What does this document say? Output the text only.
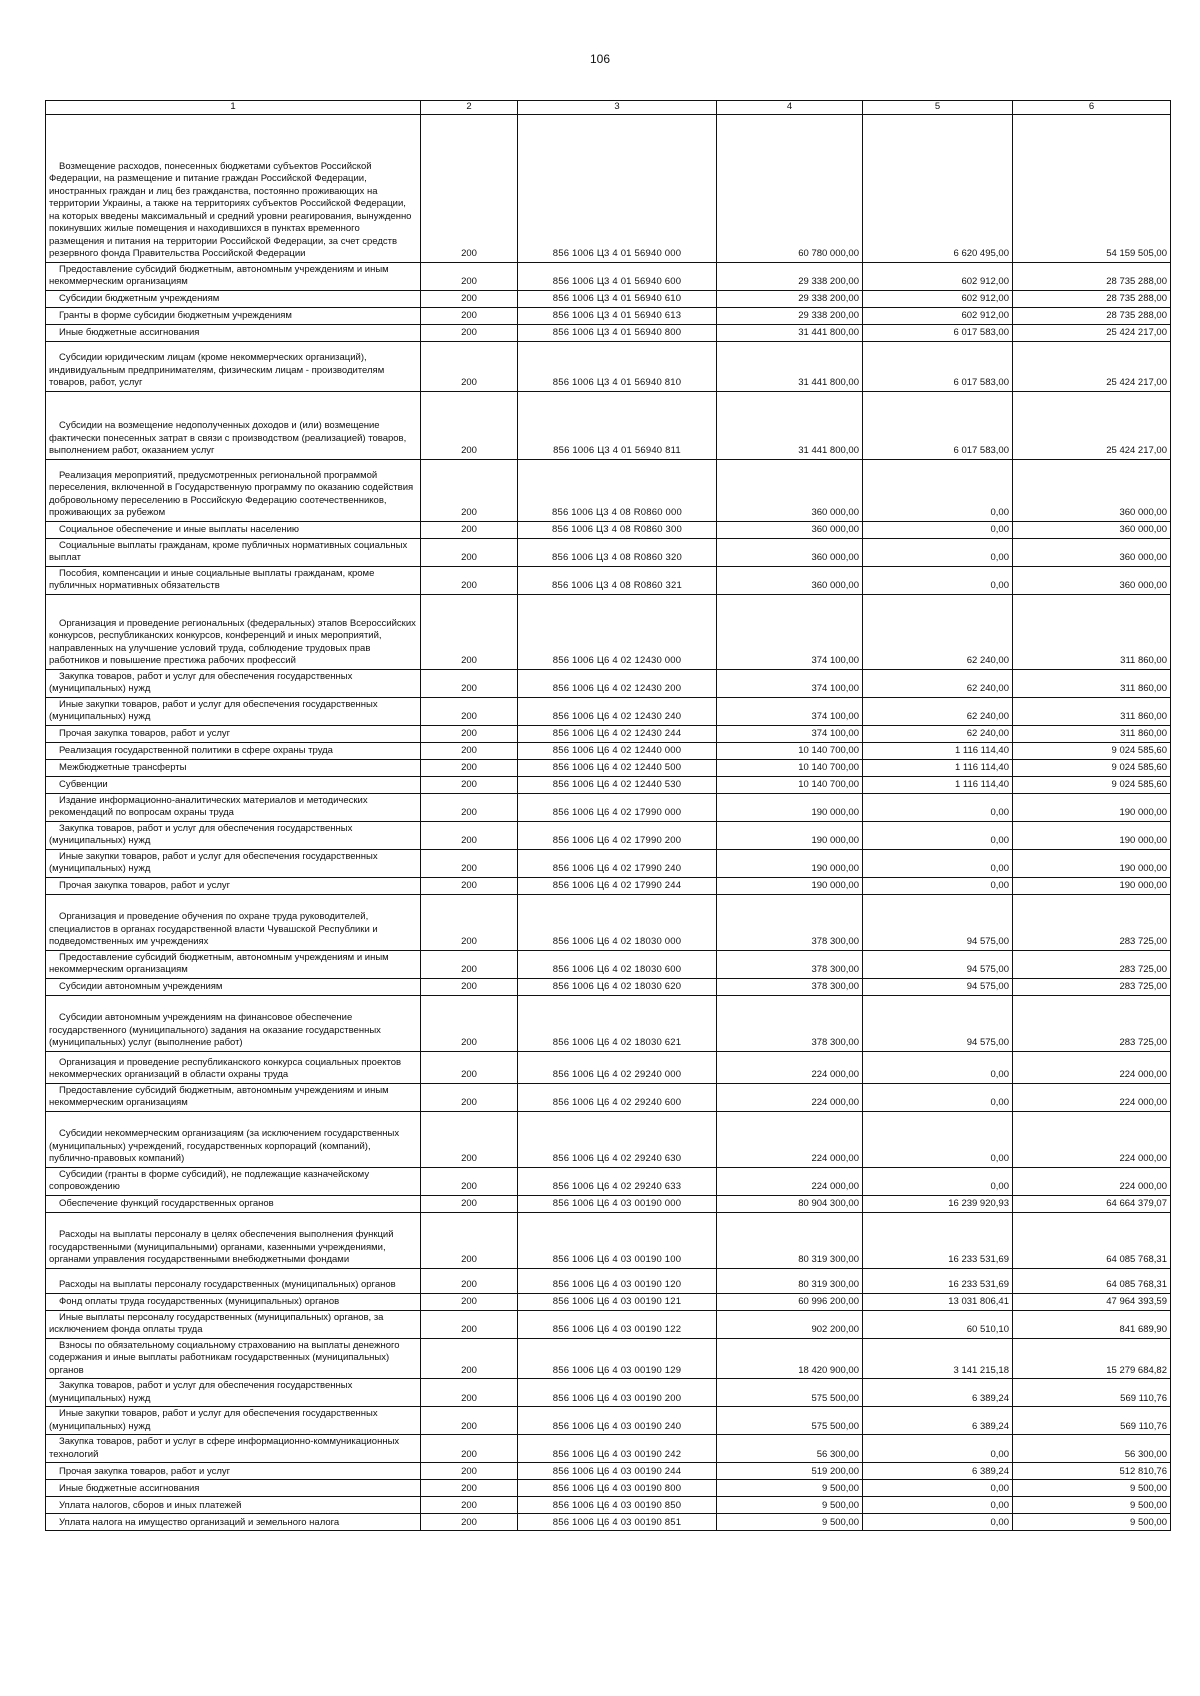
106
1	2	3	4	5	6
Возмещение расходов, понесенных бюджетами субъектов Российской Федерации, на размещение и питание граждан Российской Федерации, иностранных граждан и лиц без гражданства, постоянно проживающих на территории Украины, а также на территориях субъектов Российской Федерации, на которых введены максимальный и средний уровни реагирования, вынужденно покинувших жилые помещения и находившихся в пунктах временного размещения и питания на территории Российской Федерации, за счет средств резервного фонда Правительства Российской Федерации	200	856 1006 Ц3 4 01 56940 000	60 780 000,00	6 620 495,00	54 159 505,00
Предоставление субсидий бюджетным, автономным учреждениям и иным некоммерческим организациям	200	856 1006 Ц3 4 01 56940 600	29 338 200,00	602 912,00	28 735 288,00
Субсидии бюджетным учреждениям	200	856 1006 Ц3 4 01 56940 610	29 338 200,00	602 912,00	28 735 288,00
Гранты в форме субсидии бюджетным учреждениям	200	856 1006 Ц3 4 01 56940 613	29 338 200,00	602 912,00	28 735 288,00
Иные бюджетные ассигнования	200	856 1006 Ц3 4 01 56940 800	31 441 800,00	6 017 583,00	25 424 217,00
Субсидии юридическим лицам (кроме некоммерческих организаций), индивидуальным предпринимателям, физическим лицам - производителям товаров, работ, услуг	200	856 1006 Ц3 4 01 56940 810	31 441 800,00	6 017 583,00	25 424 217,00
Субсидии на возмещение недополученных доходов и (или) возмещение фактически понесенных затрат в связи с производством (реализацией) товаров, выполнением работ, оказанием услуг	200	856 1006 Ц3 4 01 56940 811	31 441 800,00	6 017 583,00	25 424 217,00
Реализация мероприятий, предусмотренных региональной программой переселения, включенной в Государственную программу по оказанию содействия добровольному переселению в Российскую Федерацию соотечественников, проживающих за рубежом	200	856 1006 Ц3 4 08 R0860 000	360 000,00	0,00	360 000,00
Социальное обеспечение и иные выплаты населению	200	856 1006 Ц3 4 08 R0860 300	360 000,00	0,00	360 000,00
Социальные выплаты гражданам, кроме публичных нормативных социальных выплат	200	856 1006 Ц3 4 08 R0860 320	360 000,00	0,00	360 000,00
Пособия, компенсации и иные социальные выплаты гражданам, кроме публичных нормативных обязательств	200	856 1006 Ц3 4 08 R0860 321	360 000,00	0,00	360 000,00
Организация и проведение региональных (федеральных) этапов Всероссийских конкурсов, республиканских конкурсов, конференций и иных мероприятий, направленных на улучшение условий труда, соблюдение трудовых прав работников и повышение престижа рабочих профессий	200	856 1006 Ц6 4 02 12430 000	374 100,00	62 240,00	311 860,00
Закупка товаров, работ и услуг для обеспечения государственных (муниципальных) нужд	200	856 1006 Ц6 4 02 12430 200	374 100,00	62 240,00	311 860,00
Иные закупки товаров, работ и услуг для обеспечения государственных (муниципальных) нужд	200	856 1006 Ц6 4 02 12430 240	374 100,00	62 240,00	311 860,00
Прочая закупка товаров, работ и услуг	200	856 1006 Ц6 4 02 12430 244	374 100,00	62 240,00	311 860,00
Реализация государственной политики в сфере охраны труда	200	856 1006 Ц6 4 02 12440 000	10 140 700,00	1 116 114,40	9 024 585,60
Межбюджетные трансферты	200	856 1006 Ц6 4 02 12440 500	10 140 700,00	1 116 114,40	9 024 585,60
Субвенции	200	856 1006 Ц6 4 02 12440 530	10 140 700,00	1 116 114,40	9 024 585,60
Издание информационно-аналитических материалов и методических рекомендаций по вопросам охраны труда	200	856 1006 Ц6 4 02 17990 000	190 000,00	0,00	190 000,00
Закупка товаров, работ и услуг для обеспечения государственных (муниципальных) нужд	200	856 1006 Ц6 4 02 17990 200	190 000,00	0,00	190 000,00
Иные закупки товаров, работ и услуг для обеспечения государственных (муниципальных) нужд	200	856 1006 Ц6 4 02 17990 240	190 000,00	0,00	190 000,00
Прочая закупка товаров, работ и услуг	200	856 1006 Ц6 4 02 17990 244	190 000,00	0,00	190 000,00
Организация и проведение обучения по охране труда руководителей, специалистов в органах государственной власти Чувашской Республики и подведомственных им учреждениях	200	856 1006 Ц6 4 02 18030 000	378 300,00	94 575,00	283 725,00
Предоставление субсидий бюджетным, автономным учреждениям и иным некоммерческим организациям	200	856 1006 Ц6 4 02 18030 600	378 300,00	94 575,00	283 725,00
Субсидии автономным учреждениям	200	856 1006 Ц6 4 02 18030 620	378 300,00	94 575,00	283 725,00
Субсидии автономным учреждениям на финансовое обеспечение государственного (муниципального) задания на оказание государственных (муниципальных) услуг (выполнение работ)	200	856 1006 Ц6 4 02 18030 621	378 300,00	94 575,00	283 725,00
Организация и проведение республиканского конкурса социальных проектов некоммерческих организаций в области охраны труда	200	856 1006 Ц6 4 02 29240 000	224 000,00	0,00	224 000,00
Предоставление субсидий бюджетным, автономным учреждениям и иным некоммерческим организациям	200	856 1006 Ц6 4 02 29240 600	224 000,00	0,00	224 000,00
Субсидии некоммерческим организациям (за исключением государственных (муниципальных) учреждений, государственных корпораций (компаний), публично-правовых компаний)	200	856 1006 Ц6 4 02 29240 630	224 000,00	0,00	224 000,00
Субсидии (гранты в форме субсидий), не подлежащие казначейскому сопровождению	200	856 1006 Ц6 4 02 29240 633	224 000,00	0,00	224 000,00
Обеспечение функций государственных органов	200	856 1006 Ц6 4 03 00190 000	80 904 300,00	16 239 920,93	64 664 379,07
Расходы на выплаты персоналу в целях обеспечения выполнения функций государственными (муниципальными) органами, казенными учреждениями, органами управления государственными внебюджетными фондами	200	856 1006 Ц6 4 03 00190 100	80 319 300,00	16 233 531,69	64 085 768,31
Расходы на выплаты персоналу государственных (муниципальных) органов	200	856 1006 Ц6 4 03 00190 120	80 319 300,00	16 233 531,69	64 085 768,31
Фонд оплаты труда государственных (муниципальных) органов	200	856 1006 Ц6 4 03 00190 121	60 996 200,00	13 031 806,41	47 964 393,59
Иные выплаты персоналу государственных (муниципальных) органов, за исключением фонда оплаты труда	200	856 1006 Ц6 4 03 00190 122	902 200,00	60 510,10	841 689,90
Взносы по обязательному социальному страхованию на выплаты денежного содержания и иные выплаты работникам государственных (муниципальных) органов	200	856 1006 Ц6 4 03 00190 129	18 420 900,00	3 141 215,18	15 279 684,82
Закупка товаров, работ и услуг для обеспечения государственных (муниципальных) нужд	200	856 1006 Ц6 4 03 00190 200	575 500,00	6 389,24	569 110,76
Иные закупки товаров, работ и услуг для обеспечения государственных (муниципальных) нужд	200	856 1006 Ц6 4 03 00190 240	575 500,00	6 389,24	569 110,76
Закупка товаров, работ и услуг в сфере информационно-коммуникационных технологий	200	856 1006 Ц6 4 03 00190 242	56 300,00	0,00	56 300,00
Прочая закупка товаров, работ и услуг	200	856 1006 Ц6 4 03 00190 244	519 200,00	6 389,24	512 810,76
Иные бюджетные ассигнования	200	856 1006 Ц6 4 03 00190 800	9 500,00	0,00	9 500,00
Уплата налогов, сборов и иных платежей	200	856 1006 Ц6 4 03 00190 850	9 500,00	0,00	9 500,00
Уплата налога на имущество организаций и земельного налога	200	856 1006 Ц6 4 03 00190 851	9 500,00	0,00	9 500,00
